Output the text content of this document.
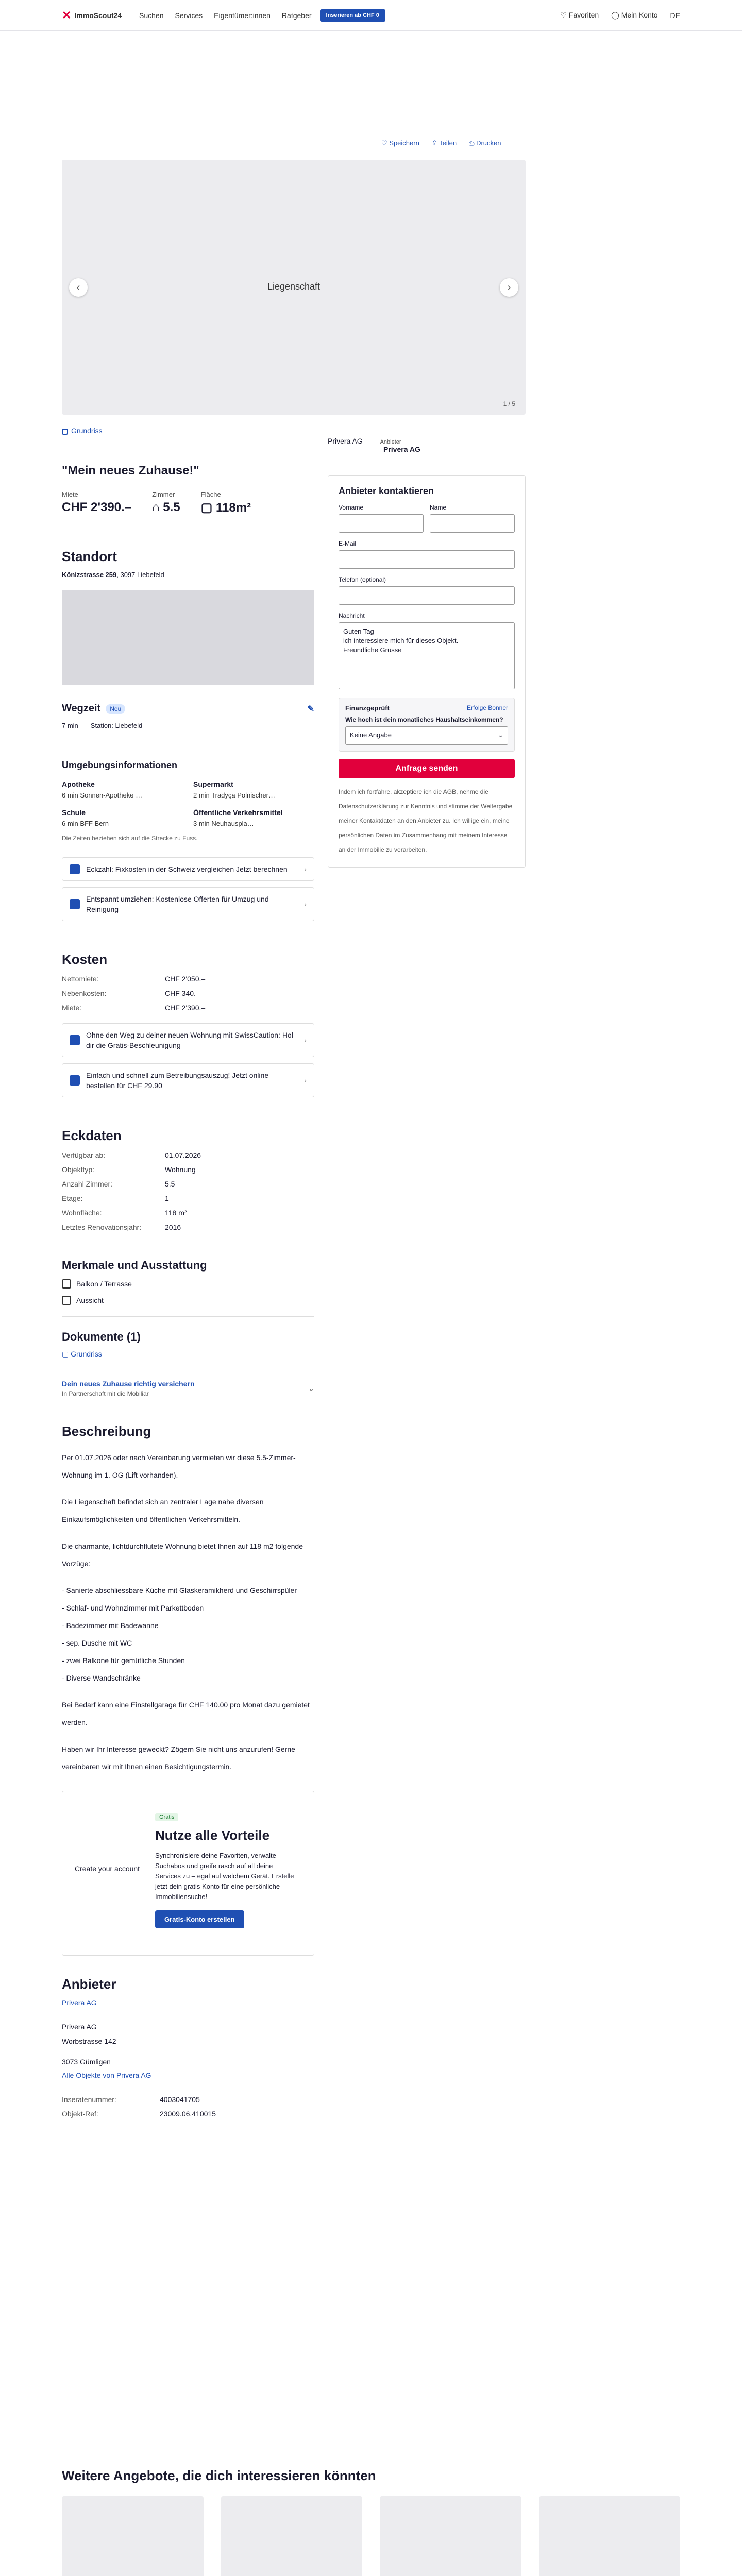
✕ ImmoScout24 Suchen Services Eigentümer:innen Ratgeber	Inserieren ab CHF 0	♡ Favoriten ◯ Mein Konto DE
♡ Speichern ⇪ Teilen ⎙ Drucken
Liegenschaft
‹	›
1 / 5
Grundriss
Privera AG	Anbieter
Privera AG
"Mein neues Zuhause!"
Miete
CHF 2'390.–
Zimmer
⌂ 5.5
Fläche
▢ 118m²
Standort
Könizstrasse 259, 3097 Liebefeld
Wegzeit	Neu	✎
7 min Station: Liebefeld
Umgebungsinformationen
Apotheke
6 min Sonnen-Apotheke …
Supermarkt
2 min Tradyça Polnischer…
Schule
6 min BFF Bern
Öffentliche Verkehrsmittel
3 min Neuhauspla…
Die Zeiten beziehen sich auf die Strecke zu Fuss.
Eckzahl: Fixkosten in der Schweiz vergleichen Jetzt berechnen ›
Entspannt umziehen: Kostenlose Offerten für Umzug und Reinigung
›
Kosten
Nettomiete:	CHF 2'050.–
Nebenkosten:	CHF 340.–
Miete:	CHF 2'390.–
Ohne den Weg zu deiner neuen Wohnung mit SwissCaution: Hol dir die Gratis-Beschleunigung
›
Einfach und schnell zum Betreibungsauszug! Jetzt online bestellen für CHF 29.90
›
Eckdaten
Verfügbar ab:	01.07.2026
Objekttyp:	Wohnung
Anzahl Zimmer:	5.5
Etage:	1
Wohnfläche:	118 m²
Letztes Renovationsjahr:	2016
Merkmale und Ausstattung
Balkon / Terrasse
Aussicht
Dokumente (1)
▢ Grundriss
Dein neues Zuhause richtig versichern
In Partnerschaft mit die Mobiliar
⌄
Beschreibung
Per 01.07.2026 oder nach Vereinbarung vermieten wir diese 5.5-Zimmer-Wohnung im 1. OG (Lift vorhanden).
Die Liegenschaft befindet sich an zentraler Lage nahe diversen Einkaufsmöglichkeiten und öffentlichen Verkehrsmitteln.
Die charmante, lichtdurchflutete Wohnung bietet Ihnen auf 118 m2 folgende Vorzüge:
- Sanierte abschliessbare Küche mit Glaskeramikherd und Geschirrspüler
- Schlaf- und Wohnzimmer mit Parkettboden
- Badezimmer mit Badewanne
- sep. Dusche mit WC
- zwei Balkone für gemütliche Stunden
- Diverse Wandschränke
Bei Bedarf kann eine Einstellgarage für CHF 140.00 pro Monat dazu gemietet werden.
Haben wir Ihr Interesse geweckt? Zögern Sie nicht uns anzurufen! Gerne vereinbaren wir mit Ihnen einen Besichtigungstermin.
Create your account
Gratis
Nutze alle Vorteile

Synchronisiere deine Favoriten, verwalte Suchabos und greife rasch auf all deine Services zu – egal auf welchem Gerät. Erstelle jetzt dein gratis Konto für eine persönliche Immobiliensuche!

Gratis-Konto erstellen
Anbieter
Privera AG
Privera AG
Worbstrasse 142
3073 Gümligen
Alle Objekte von Privera AG
Inseratenummer:	4003041705
Objekt-Ref:	23009.06.410015
Anbieter kontaktieren
Vorname	Name
E-Mail
Telefon (optional)
Nachricht
Guten Tag
ich interessiere mich für dieses Objekt.
Freundliche Grüsse
Finanzgeprüft	Erfolge Bonner
Wie hoch ist dein monatliches Haushaltseinkommen?
Keine Angabe	⌄
Anfrage senden
Indem ich fortfahre, akzeptiere ich die AGB, nehme die Datenschutzerklärung zur Kenntnis und stimme der Weitergabe meiner Kontaktdaten an den Anbieter zu. Ich willige ein, meine persönlichen Daten im Zusammenhang mit meinem Interesse an der Immobilie zu verarbeiten.
Weitere Angebote, die dich interessieren könnten
